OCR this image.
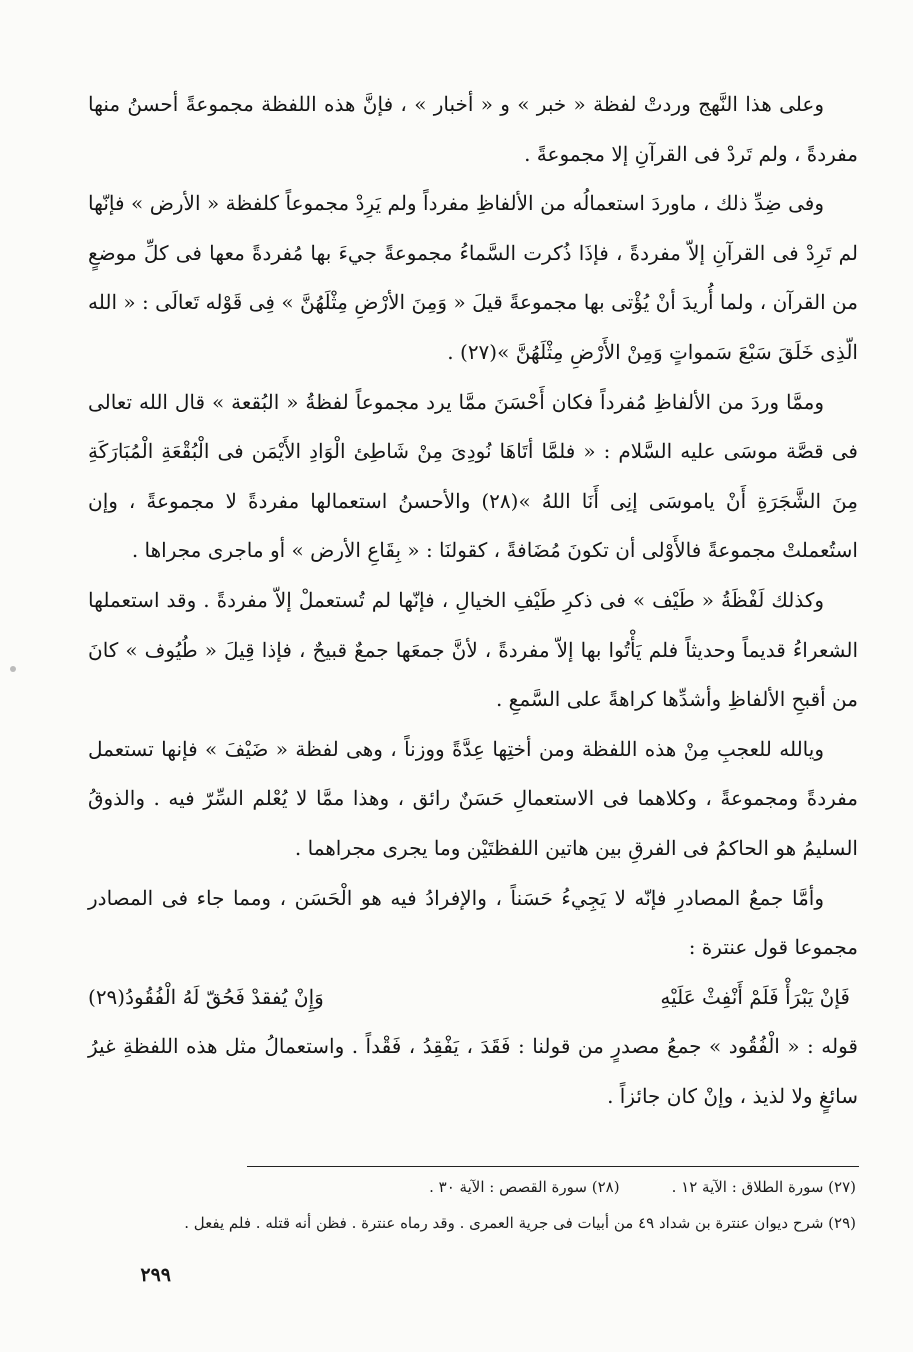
وعلى هذا النَّهج وردتْ لفظة « خبر » و « أخبار » ، فإنَّ هذه اللفظة مجموعةً أحسنُ منها مفردةً ، ولم تَردْ فى القرآنِ إلا مجموعةً .

وفى ضِدِّ ذلك ، ماوردَ استعمالُه من الألفاظِ مفرداً ولم يَرِدْ مجموعاً كلفظة « الأرض » فإنّها لم تَرِدْ فى القرآنِ إلاّ مفردةً ، فإذَا ذُكرت السَّماءُ مجموعةً جيءَ بها مُفردةً معها فى كلِّ موضعٍ من القرآن ، ولما أُريدَ أنْ يُؤْتى بها مجموعةً قيلَ « وَمِنَ الأرْضِ مِثْلَهُنَّ » فِى قَوْله تَعالَى : « الله الّذِى خَلَقَ سَبْعَ سَمواتٍ وَمِنْ الأَرْضِ مِثْلَهُنَّ »(٢٧) .

وممَّا وردَ من الألفاظِ مُفرداً فكان أَحْسَنَ ممَّا يرد مجموعاً لفظةُ « البُقعة » قال الله تعالى فى قصَّة موسَى عليه السَّلام : « فلمَّا أتَاهَا نُودِىَ مِنْ شَاطِئ الْوَادِ الأَيْمَن فى الْبُقْعَةِ الْمُبَارَكَةِ مِنَ الشَّجَرَةِ أَنْ ياموسَى إنِى أَنَا اللهُ »(٢٨) والأحسنُ استعمالها مفردةً لا مجموعةً ، وإن استُعملتْ مجموعةً فالأَوْلى أن تكونَ مُضَافةً ، كقولنَا : « بِقَاعِ الأرض » أو ماجرى مجراها .

وكذلك لَفْظَةُ « طَيْف » فى ذكرِ طَيْفِ الخيالِ ، فإنّها لم تُستعملْ إلاّ مفردةً . وقد استعملها الشعراءُ قديماً وحديثاً فلم يَأْتُوا بها إلاّ مفردةً ، لأنَّ جمعَها جمعٌ قبيحٌ ، فإذا قِيلَ « طُيُوف » كانَ من أقبحِ الألفاظِ وأشدِّها كراهةً على السَّمعِ .

ويالله للعجبِ مِنْ هذه اللفظة ومن أختِها عِدَّةً ووزناً ، وهى لفظة « ضَيْفَ » فإنها تستعمل مفردةً ومجموعةً ، وكلاهما فى الاستعمالِ حَسَنٌ رائق ، وهذا ممَّا لا يُعْلم السِّرّ فيه . والذوقُ السليمُ هو الحاكمُ فى الفرقِ بين هاتين اللفظتَيْن وما يجرى مجراهما .

وأمَّا جمعُ المصادرِ فإنّه لا يَجِيءُ حَسَناً ، والإفرادُ فيه هو الْحَسَن ، ومما جاء فى المصادر مجموعا قول عنترة :

فَإنْ يَبْرَأْ فَلَمْ أَنْفِثْ عَلَيْهِ
وَإِنْ يُفقدْ فَحُقّ لَهُ الْفُقُودُ(٢٩)

قوله : « الْفُقُود » جمعُ مصدرٍ من قولنا : فَقَدَ ، يَفْقِدُ ، فَقْداً . واستعمالُ مثل هذه اللفظةِ غيرُ سائغٍ ولا لذيذ ، وإنْ كان جائزاً .

(٢٧) سورة الطلاق : الآية ١٢ .
(٢٨) سورة القصص : الآية ٣٠ .
(٢٩) شرح ديوان عنترة بن شداد ٤٩ من أبيات فى جرية العمرى . وقد رماه عنترة . فظن أنه قتله . فلم يفعل .
٢٩٩
